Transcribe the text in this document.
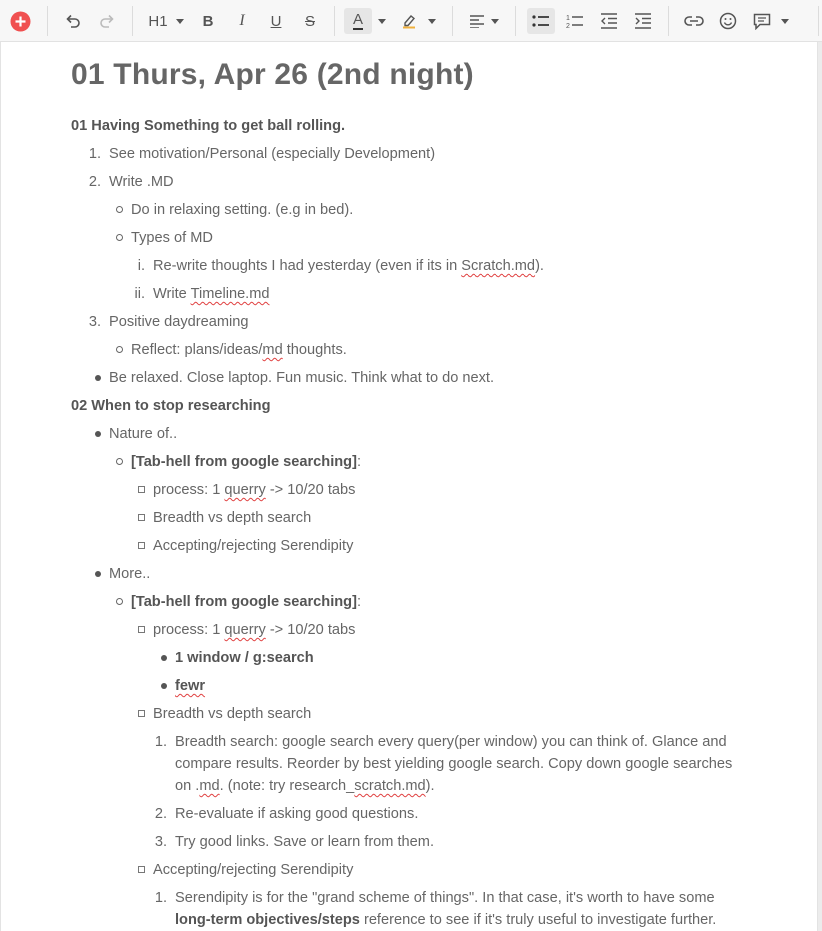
H1	B	I	U	S	A	1
2
01 Thurs, Apr 26 (2nd night)
01 Having Something to get ball rolling.
1. See motivation/Personal (especially Development)
2. Write .MD
Do in relaxing setting. (e.g in bed).
Types of MD
i. Re-write thoughts I had yesterday (even if its in Scratch.md).
ii. Write Timeline.md
3. Positive daydreaming
Reflect: plans/ideas/md thoughts.
Be relaxed. Close laptop. Fun music. Think what to do next.
02 When to stop researching
Nature of..
[Tab-hell from google searching]:
process: 1 querry -> 10/20 tabs
Breadth vs depth search
Accepting/rejecting Serendipity
More..
[Tab-hell from google searching]:
process: 1 querry -> 10/20 tabs
1 window / g:search
fewr
Breadth vs depth search
1. Breadth search: google search every query(per window) you can think of. Glance and
compare results. Reorder by best yielding google search. Copy down google searches
on .md. (note: try research_scratch.md).
2. Re-evaluate if asking good questions.
3. Try good links. Save or learn from them.
Accepting/rejecting Serendipity
1. Serendipity is for the "grand scheme of things". In that case, it's worth to have some
long-term objectives/steps reference to see if it's truly useful to investigate further.
